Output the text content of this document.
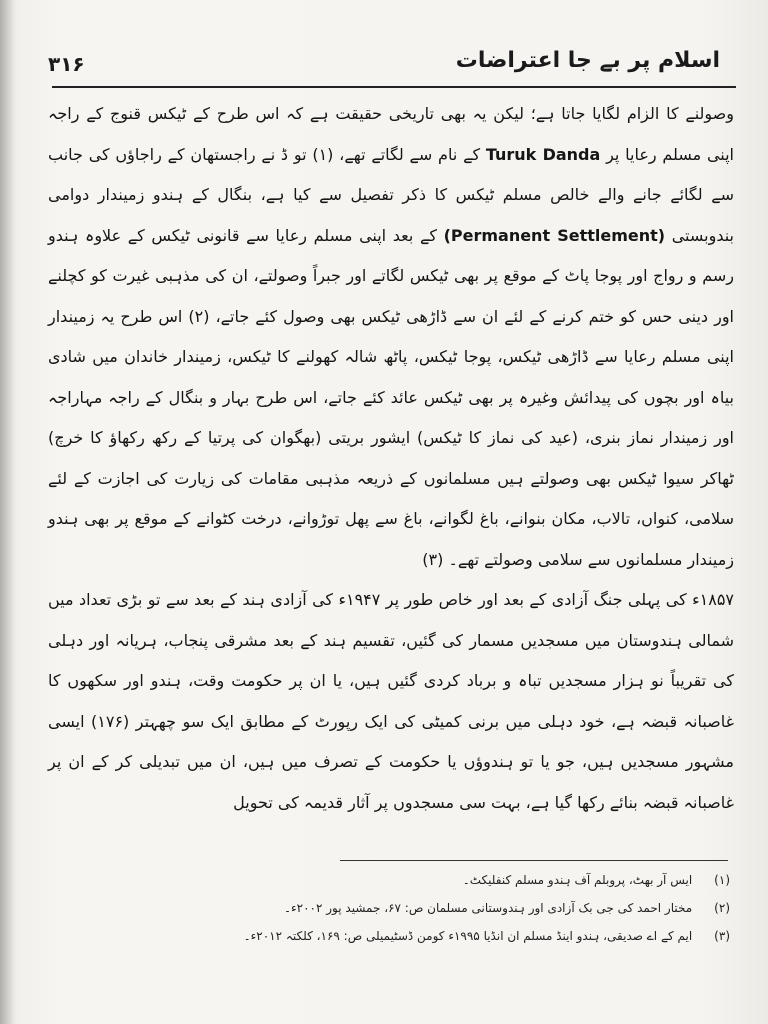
اسلام پر بے جا اعتراضات
۳۱۶

وصولنے کا الزام لگایا جاتا ہے؛ لیکن یہ بھی تاریخی حقیقت ہے کہ اس طرح کے ٹیکس قنوج کے راجہ اپنی مسلم رعایا پر Turuk Danda کے نام سے لگاتے تھے، (۱) تو ڈ نے راجستھان کے راجاؤں کی جانب سے لگائے جانے والے خالص مسلم ٹیکس کا ذکر تفصیل سے کیا ہے، بنگال کے ہندو زمیندار دوامی بندوبستی (Permanent Settlement) کے بعد اپنی مسلم رعایا سے قانونی ٹیکس کے علاوہ ہندو رسم و رواج اور پوجا پاٹ کے موقع پر بھی ٹیکس لگاتے اور جبراً وصولتے، ان کی مذہبی غیرت کو کچلنے اور دینی حس کو ختم کرنے کے لئے ان سے ڈاڑھی ٹیکس بھی وصول کئے جاتے، (۲) اس طرح یہ زمیندار اپنی مسلم رعایا سے ڈاڑھی ٹیکس، پوجا ٹیکس، پاٹھ شالہ کھولنے کا ٹیکس، زمیندار خاندان میں شادی بیاہ اور بچوں کی پیدائش وغیرہ پر بھی ٹیکس عائد کئے جاتے، اس طرح بہار و بنگال کے راجہ مہاراجہ اور زمیندار نماز بنری، (عید کی نماز کا ٹیکس) ایشور بریتی (بھگوان کی پرتیا کے رکھ رکھاؤ کا خرچ) ٹھاکر سیوا ٹیکس بھی وصولتے ہیں مسلمانوں کے ذریعہ مذہبی مقامات کی زیارت کی اجازت کے لئے سلامی، کنواں، تالاب، مکان بنوانے، باغ لگوانے، باغ سے پھل توڑوانے، درخت کٹوانے کے موقع پر بھی ہندو زمیندار مسلمانوں سے سلامی وصولتے تھے۔ (۳)

۱۸۵۷ء کی پہلی جنگ آزادی کے بعد اور خاص طور پر ۱۹۴۷ء کی آزادی ہند کے بعد سے تو بڑی تعداد میں شمالی ہندوستان میں مسجدیں مسمار کی گئیں، تقسیم ہند کے بعد مشرقی پنجاب، ہریانہ اور دہلی کی تقریباً نو ہزار مسجدیں تباہ و برباد کردی گئیں ہیں، یا ان پر حکومت وقت، ہندو اور سکھوں کا غاصبانہ قبضہ ہے، خود دہلی میں برنی کمیٹی کی ایک رپورٹ کے مطابق ایک سو چھہتر (۱۷۶) ایسی مشہور مسجدیں ہیں، جو یا تو ہندوؤں یا حکومت کے تصرف میں ہیں، ان میں تبدیلی کر کے ان پر غاصبانہ قبضہ بنائے رکھا گیا ہے، بہت سی مسجدوں پر آثار قدیمہ کی تحویل

(۱) ایس آر بھٹ، پروبلم آف ہندو مسلم کنفلیکٹ۔

(۲) مختار احمد کی جی بک آزادی اور ہندوستانی مسلمان ص: ۶۷، جمشید پور ۲۰۰۲ء۔

(۳) ایم کے اے صدیقی، ہندو اینڈ مسلم ان انڈیا ۱۹۹۵ء کومن ڈسٹیمیلی ص: ۱۶۹، کلکتہ ۲۰۱۲ء۔
